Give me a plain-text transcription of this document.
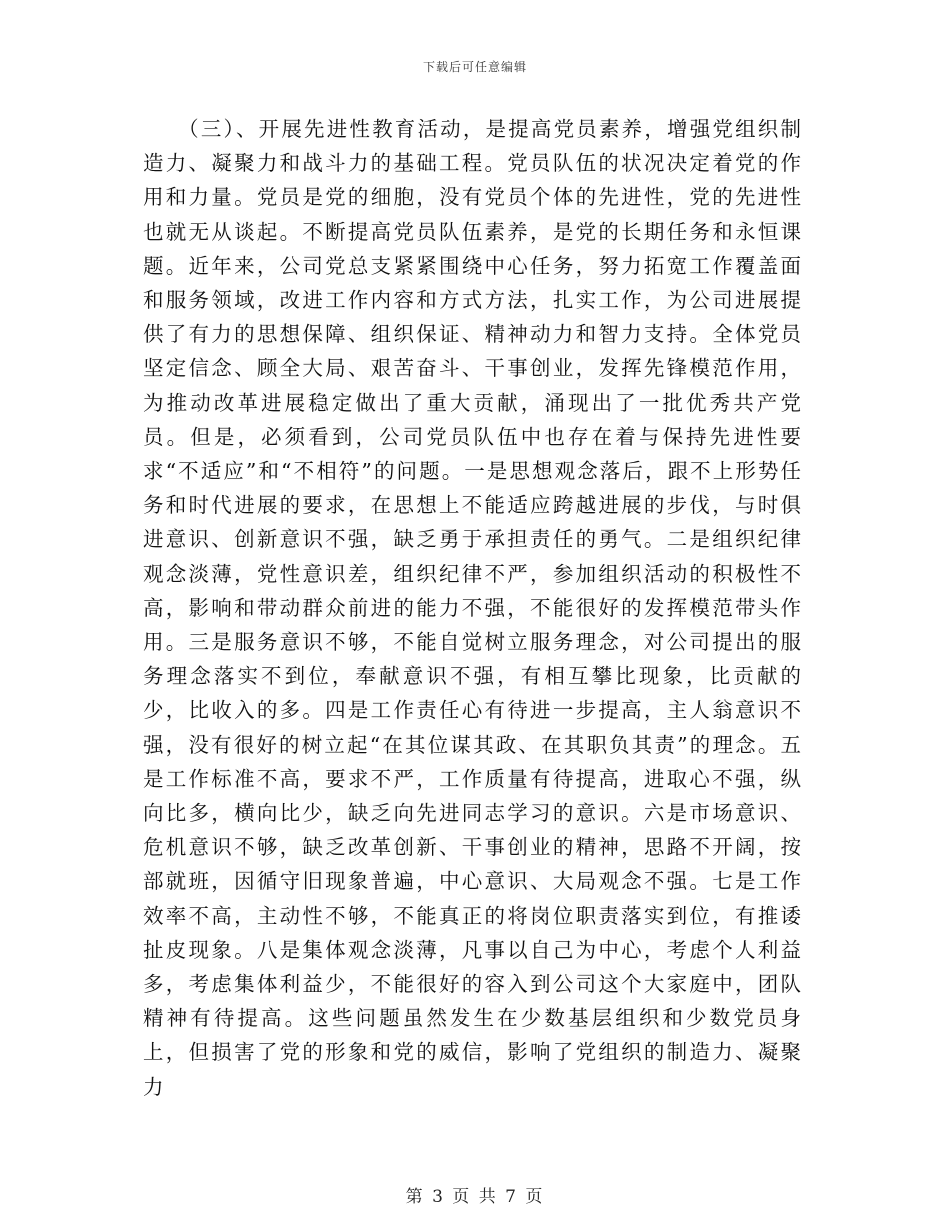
下载后可任意编辑

　　（三）、开展先进性教育活动，是提高党员素养，增强党组织制造力、凝聚力和战斗力的基础工程。党员队伍的状况决定着党的作用和力量。党员是党的细胞，没有党员个体的先进性，党的先进性也就无从谈起。不断提高党员队伍素养，是党的长期任务和永恒课题。近年来，公司党总支紧紧围绕中心任务，努力拓宽工作覆盖面和服务领域，改进工作内容和方式方法，扎实工作，为公司进展提供了有力的思想保障、组织保证、精神动力和智力支持。全体党员坚定信念、顾全大局、艰苦奋斗、干事创业，发挥先锋模范作用，为推动改革进展稳定做出了重大贡献，涌现出了一批优秀共产党员。但是，必须看到，公司党员队伍中也存在着与保持先进性要求“不适应”和“不相符”的问题。一是思想观念落后，跟不上形势任务和时代进展的要求，在思想上不能适应跨越进展的步伐，与时俱进意识、创新意识不强，缺乏勇于承担责任的勇气。二是组织纪律观念淡薄，党性意识差，组织纪律不严，参加组织活动的积极性不高，影响和带动群众前进的能力不强，不能很好的发挥模范带头作用。三是服务意识不够，不能自觉树立服务理念，对公司提出的服务理念落实不到位，奉献意识不强，有相互攀比现象，比贡献的少，比收入的多。四是工作责任心有待进一步提高，主人翁意识不强，没有很好的树立起“在其位谋其政、在其职负其责”的理念。五是工作标准不高，要求不严，工作质量有待提高，进取心不强，纵向比多，横向比少，缺乏向先进同志学习的意识。六是市场意识、危机意识不够，缺乏改革创新、干事创业的精神，思路不开阔，按部就班，因循守旧现象普遍，中心意识、大局观念不强。七是工作效率不高，主动性不够，不能真正的将岗位职责落实到位，有推诿扯皮现象。八是集体观念淡薄，凡事以自己为中心，考虑个人利益多，考虑集体利益少，不能很好的容入到公司这个大家庭中，团队精神有待提高。这些问题虽然发生在少数基层组织和少数党员身上，但损害了党的形象和党的威信，影响了党组织的制造力、凝聚力

第 3 页 共 7 页
